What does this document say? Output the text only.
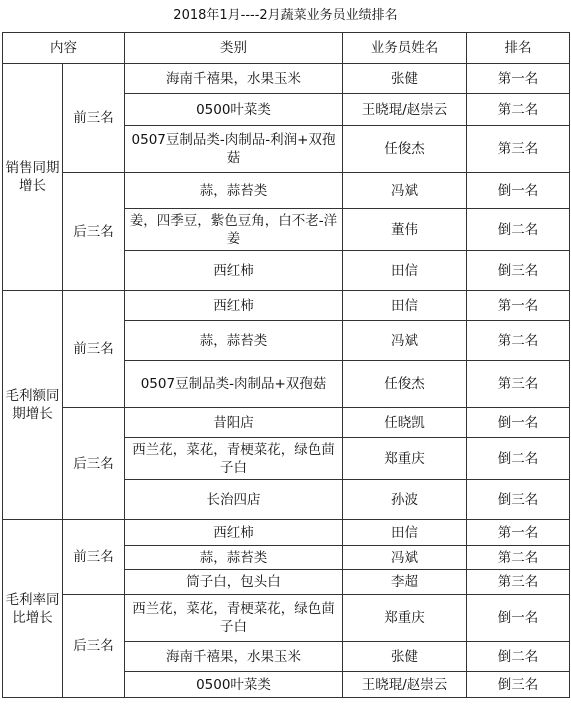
2018年1月----2月蔬菜业务员业绩排名
内容		类别	业务员姓名	排名
销售同期增长	前三名	海南千禧果，水果玉米	张健	第一名
		0500叶菜类	王晓琨/赵崇云	第二名
		0507豆制品类-肉制品-利润+双孢菇	任俊杰	第三名
	后三名	蒜，蒜苔类	冯斌	倒一名
		姜，四季豆，紫色豆角，白不老-洋姜	董伟	倒二名
		西红柿	田信	倒三名
毛利额同期增长	前三名	西红柿	田信	第一名
		蒜，蒜苔类	冯斌	第二名
		0507豆制品类-肉制品+双孢菇	任俊杰	第三名
	后三名	昔阳店	任晓凯	倒一名
		西兰花，菜花，青梗菜花，绿色茴子白	郑重庆	倒二名
		长治四店	孙波	倒三名
毛利率同比增长	前三名	西红柿	田信	第一名
		蒜，蒜苔类	冯斌	第二名
		筒子白，包头白	李超	第三名
	后三名	西兰花，菜花，青梗菜花，绿色茴子白	郑重庆	倒一名
		海南千禧果，水果玉米	张健	倒二名
		0500叶菜类	王晓琨/赵崇云	倒三名
